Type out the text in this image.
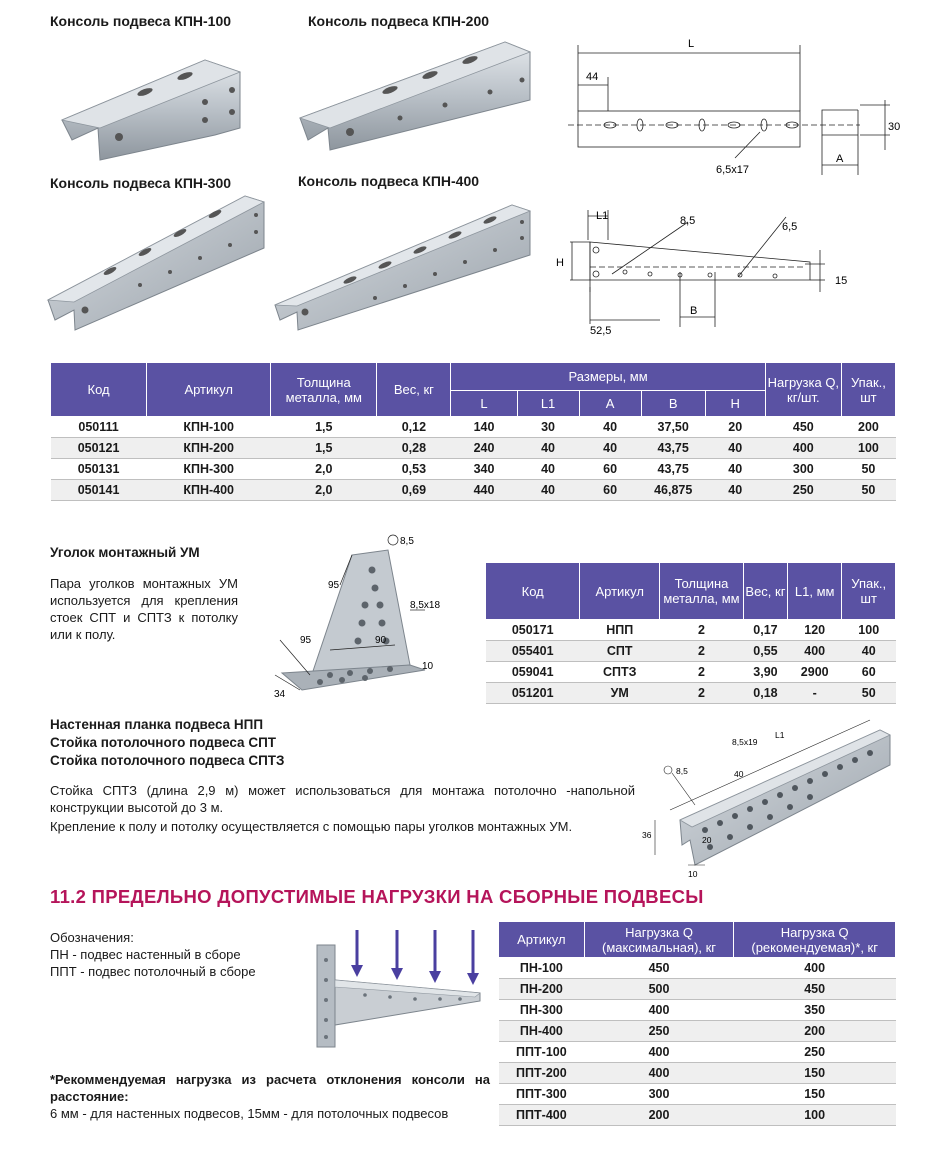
Консоль подвеса КПН-100	Консоль подвеса КПН-200
Консоль подвеса КПН-300	Консоль подвеса КПН-400
L
44
30
A
6,5x17
L1	8,5	6,5
H
15
52,5
B
Код	Артикул	Толщина металла, мм	Вес, кг	Размеры, мм					Нагрузка Q, кг/шт.	Упак., шт
				L	L1	A	B	H		
050111	КПН-100	1,5	0,12	140	30	40	37,50	20	450	200
050121	КПН-200	1,5	0,28	240	40	40	43,75	40	400	100
050131	КПН-300	2,0	0,53	340	40	60	43,75	40	300	50
050141	КПН-400	2,0	0,69	440	40	60	46,875	40	250	50
Уголок монтажный УМ
Пара уголков монтажных УМ используется для крепления стоек СПТ и СПТЗ к потолку или к полу.
8,5
95
8,5x18
95	90
10
34
Код	Артикул	Толщина металла, мм	Вес, кг	L1, мм	Упак., шт
050171	НПП	2	0,17	120	100
055401	СПТ	2	0,55	400	40
059041	СПТЗ	2	3,90	2900	60
051201	УМ	2	0,18	-	50
Настенная планка подвеса НПП
Стойка потолочного подвеса СПТ
Стойка потолочного подвеса СПТЗ
Стойка СПТЗ (длина 2,9 м) может использоваться для монтажа потолочно -напольной конструкции высотой до 3 м.
Крепление к полу и потолку осуществляется с помощью пары уголков монтажных УМ.
8,5x19
L1
8,5	40
36	20
10
11.2 ПРЕДЕЛЬНО ДОПУСТИМЫЕ НАГРУЗКИ НА СБОРНЫЕ ПОДВЕСЫ
Обозначения:
ПН - подвес настенный в сборе
ППТ - подвес потолочный в сборе
*Рекоммендуемая нагрузка из расчета отклонения консоли на расстояние:
6 мм - для настенных подвесов, 15мм - для потолочных подвесов
Артикул	Нагрузка Q (максимальная), кг	Нагрузка Q (рекомендуемая)*, кг
ПН-100	450	400
ПН-200	500	450
ПН-300	400	350
ПН-400	250	200
ППТ-100	400	250
ППТ-200	400	150
ППТ-300	300	150
ППТ-400	200	100
